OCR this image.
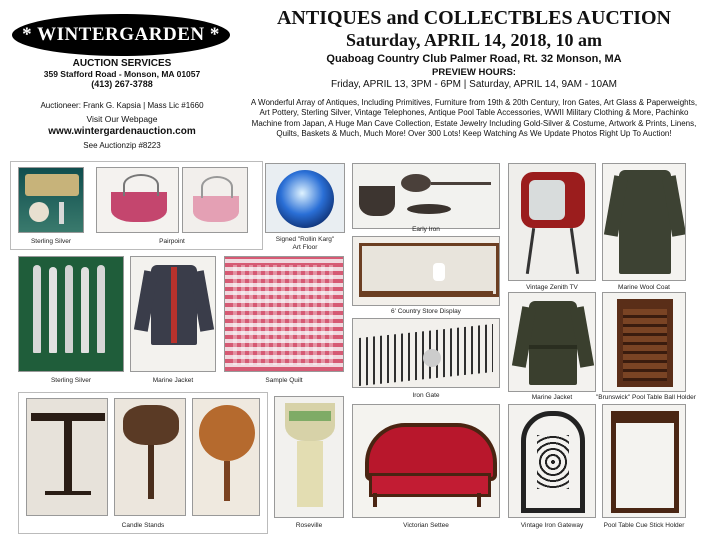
* WINTERGARDEN *
AUCTION SERVICES
359 Stafford Road - Monson, MA 01057
(413) 267-3788
Auctioneer: Frank G. Kapsia | Mass Lic #1660
Visit Our Webpage
www.wintergardenauction.com
See Auctionzip #8223
ANTIQUES and COLLECTBLES AUCTION
Saturday, APRIL 14, 2018, 10 am
Quaboag Country Club Palmer Road, Rt. 32 Monson, MA
PREVIEW HOURS:
Friday, APRIL 13, 3PM - 6PM | Saturday, APRIL 14, 9AM - 10AM
A Wonderful Array of Antiques, Including Primitives, Furniture from 19th & 20th Century, Iron Gates, Art Glass & Paperweights, Art Pottery, Sterling Silver, Vintage Telephones, Antique Pool Table Accessories, WWII Military Clothing & More, Pachinko Machine from Japan, A Huge Man Cave Collection, Estate Jewelry Including Gold-Silver & Costume, Artwork & Prints, Linens, Quilts, Baskets & Much, Much More! Over 300 Lots! Keep Watching As We Update Photos Right Up To Auction!
Sterling Silver	Pairpoint	Signed "Rollin Karg"
Art Floor
Early Iron
Vintage Zenith TV	Marine Wool Coat
6' Country Store Display
Sterling Silver	Marine Jacket	Sample Quilt
Iron Gate	Marine Jacket	"Brunswick" Pool Table Ball Holder
Candle Stands	Roseville	Victorian Settee	Vintage Iron Gateway	Pool Table Cue Stick Holder
